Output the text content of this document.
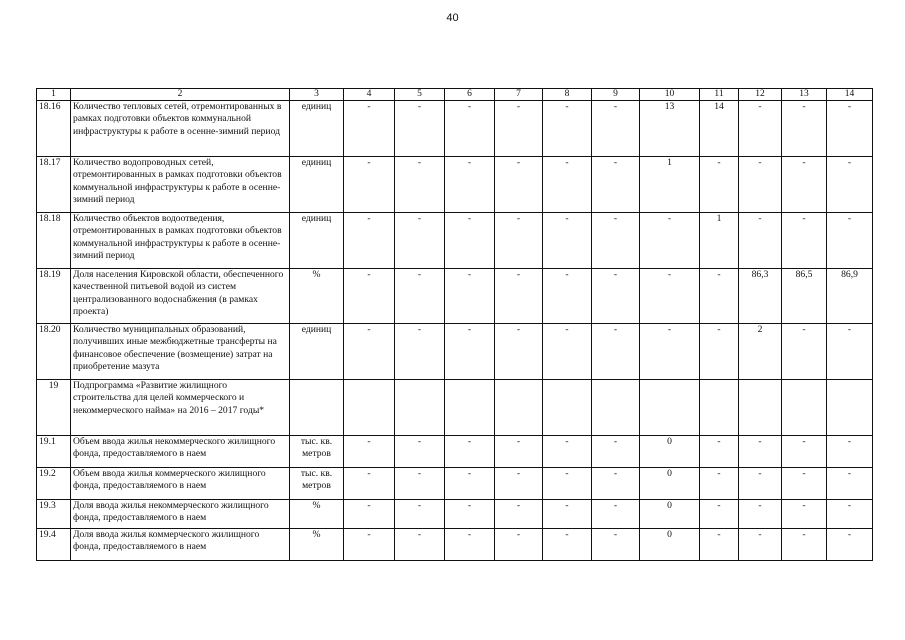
40
1	2	3	4	5	6	7	8	9	10	11	12	13	14
18.16	Количество тепловых сетей, отремонтированных в рамках подготовки объектов коммунальной инфраструктуры к работе в осенне-зимний период	единиц	-	-	-	-	-	-	13	14	-	-	-
18.17	Количество водопроводных сетей, отремонтированных в рамках подготовки объектов коммунальной инфраструктуры к работе в осенне-зимний период	единиц	-	-	-	-	-	-	1	-	-	-	-
18.18	Количество объектов водоотведения, отремонтированных в рамках подготовки объектов коммунальной инфраструктуры к работе в осенне-зимний период	единиц	-	-	-	-	-	-	-	1	-	-	-
18.19	Доля населения Кировской области, обеспеченного качественной питьевой водой из систем централизованного водоснабжения (в рамках проекта)	%	-	-	-	-	-	-	-	-	86,3	86,5	86,9
18.20	Количество муниципальных образований, получивших иные межбюджетные трансферты на финансовое обеспечение (возмещение) затрат на приобретение мазута	единиц	-	-	-	-	-	-	-	-	2	-	-
19	Подпрограмма «Развитие жилищного строительства для целей коммерческого и некоммерческого найма» на 2016 – 2017 годы*												
19.1	Объем ввода жилья некоммерческого жилищного фонда, предоставляемого в наем	тыс. кв. метров	-	-	-	-	-	-	0	-	-	-	-
19.2	Объем ввода жилья коммерческого жилищного фонда, предоставляемого в наем	тыс. кв. метров	-	-	-	-	-	-	0	-	-	-	-
19.3	Доля ввода жилья некоммерческого жилищного фонда, предоставляемого в наем	%	-	-	-	-	-	-	0	-	-	-	-
19.4	Доля ввода жилья коммерческого жилищного фонда, предоставляемого в наем	%	-	-	-	-	-	-	0	-	-	-	-
